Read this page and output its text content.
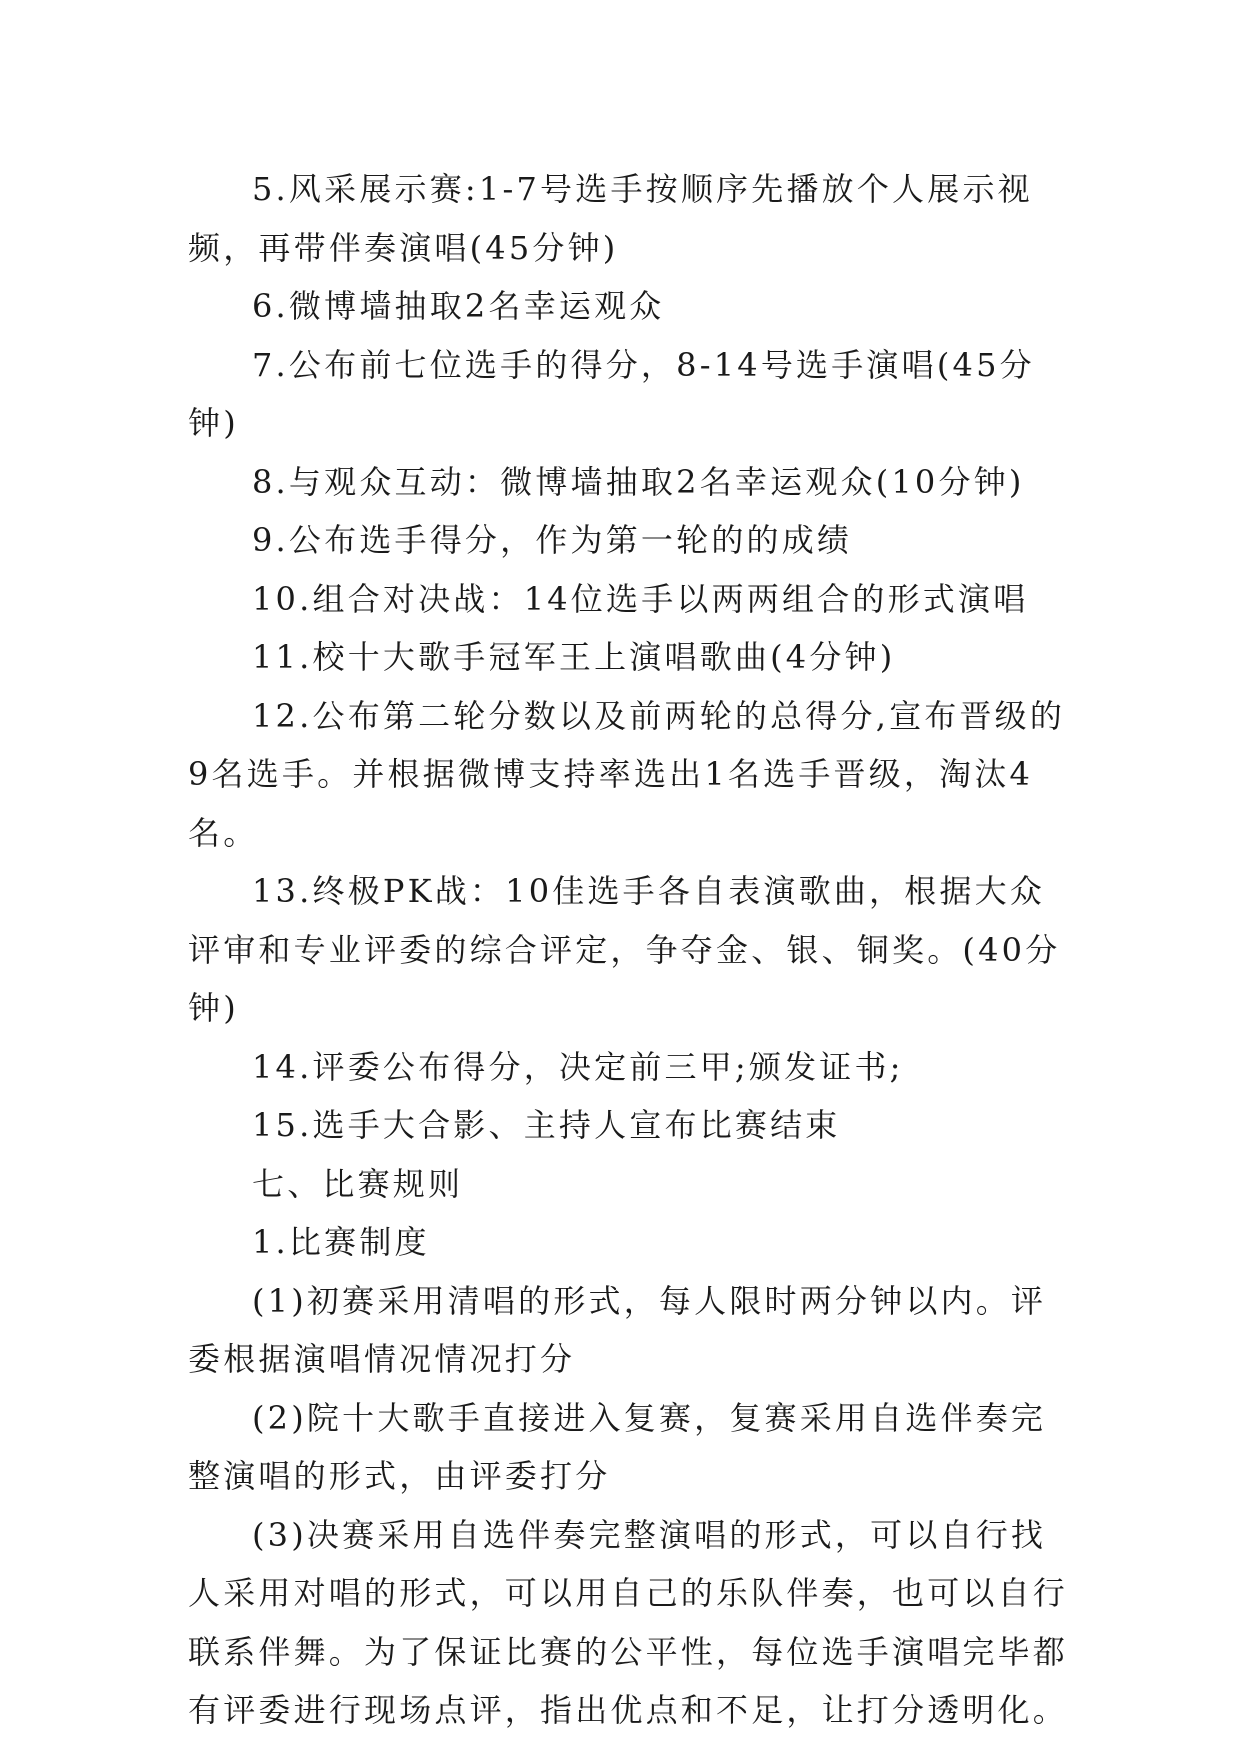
5.风采展示赛:1-7号选手按顺序先播放个人展示视频，再带伴奏演唱(45分钟)

6.微博墙抽取2名幸运观众

7.公布前七位选手的得分，8-14号选手演唱(45分钟)

8.与观众互动：微博墙抽取2名幸运观众(10分钟)

9.公布选手得分，作为第一轮的的成绩

10.组合对决战：14位选手以两两组合的形式演唱

11.校十大歌手冠军王上演唱歌曲(4分钟)

12.公布第二轮分数以及前两轮的总得分,宣布晋级的9名选手。并根据微博支持率选出1名选手晋级，淘汰4名。

13.终极PK战：10佳选手各自表演歌曲，根据大众评审和专业评委的综合评定，争夺金、银、铜奖。(40分钟)

14.评委公布得分，决定前三甲;颁发证书;

15.选手大合影、主持人宣布比赛结束

七、比赛规则

1.比赛制度

(1)初赛采用清唱的形式，每人限时两分钟以内。评委根据演唱情况情况打分

(2)院十大歌手直接进入复赛，复赛采用自选伴奏完整演唱的形式，由评委打分

(3)决赛采用自选伴奏完整演唱的形式，可以自行找人采用对唱的形式，可以用自己的乐队伴奏，也可以自行联系伴舞。为了保证比赛的公平性，每位选手演唱完毕都有评委进行现场点评，指出优点和不足，让打分透明化。
